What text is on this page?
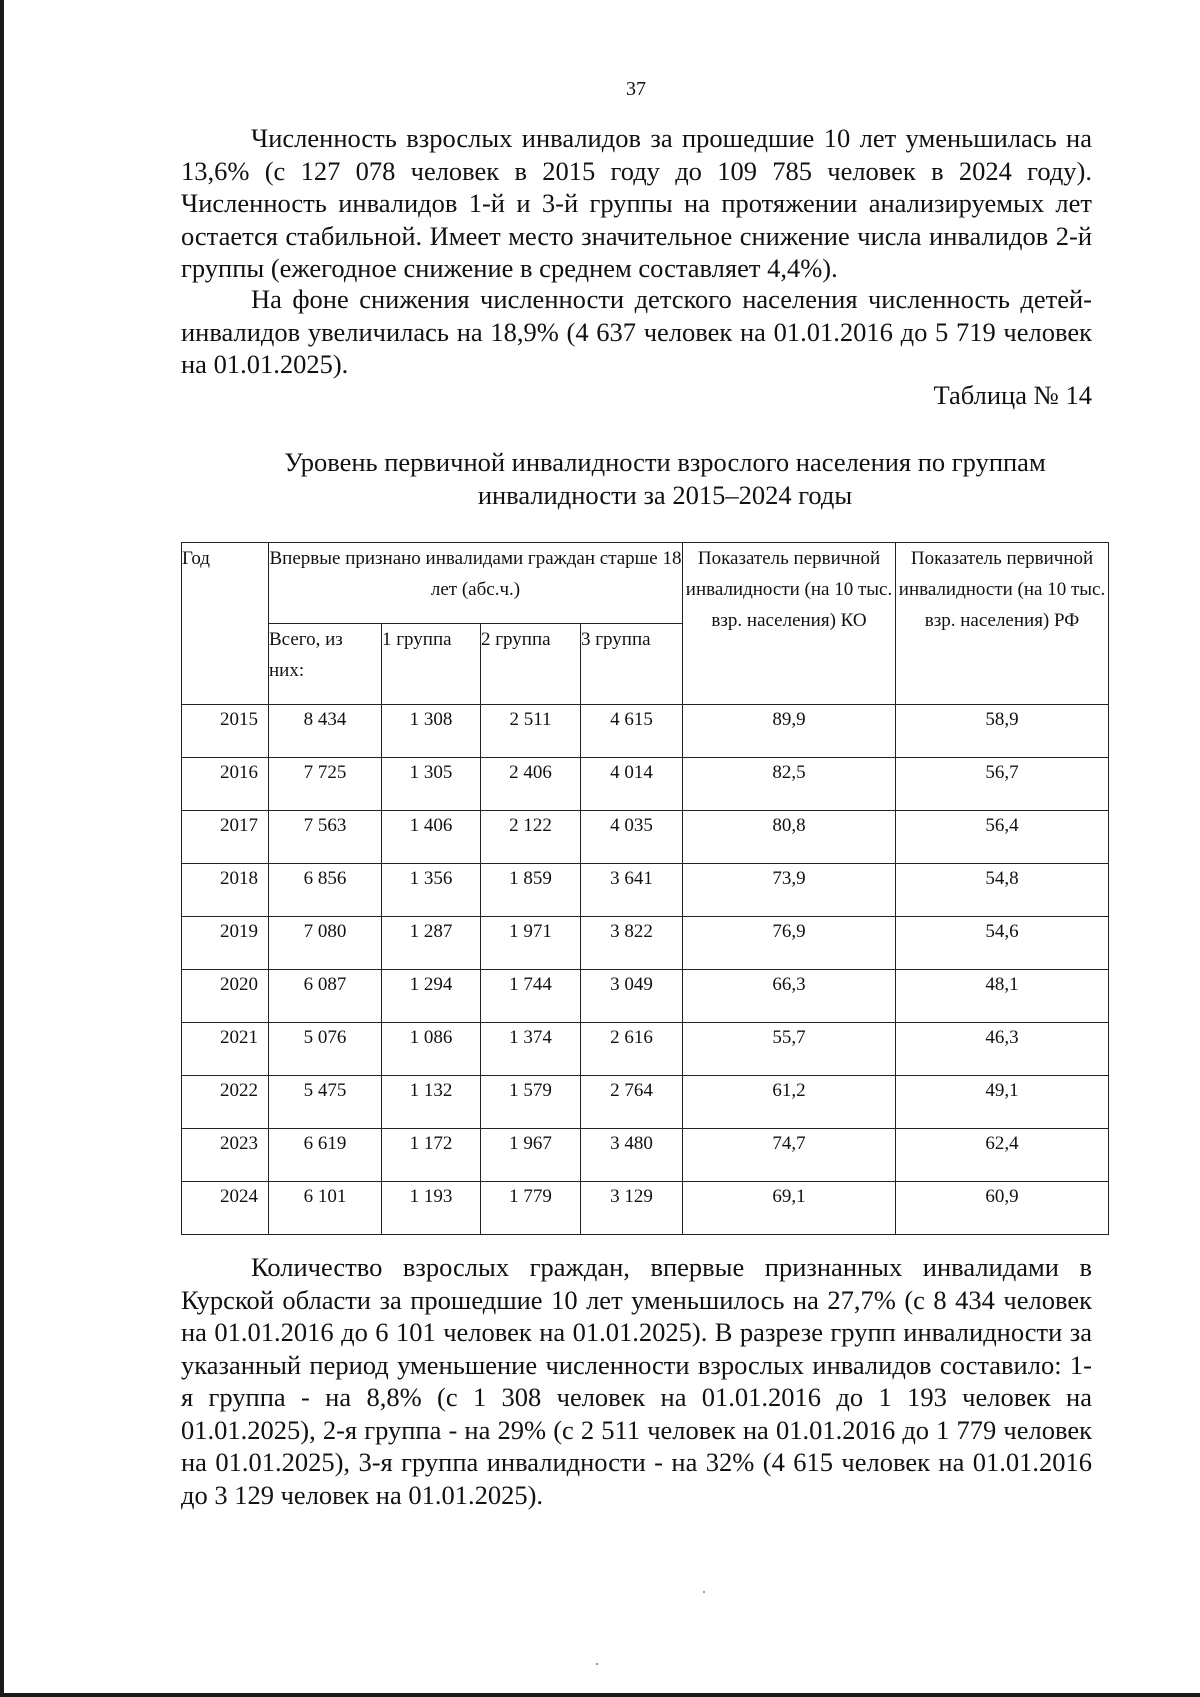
37

Численность взрослых инвалидов за прошедшие 10 лет уменьшилась на 13,6% (с 127 078 человек в 2015 году до 109 785 человек в 2024 году). Численность инвалидов 1-й и 3-й группы на протяжении анализируемых лет остается стабильной. Имеет место значительное снижение числа инвалидов 2-й группы (ежегодное снижение в среднем составляет 4,4%).

На фоне снижения численности детского населения численность детей-инвалидов увеличилась на 18,9% (4 637 человек на 01.01.2016 до 5 719 человек на 01.01.2025).

Таблица № 14
Уровень первичной инвалидности взрослого населения по группам инвалидности за 2015–2024 годы
Год	Впервые признано инвалидами граждан старше 18 лет (абс.ч.)				Показатель первичной инвалидности (на 10 тыс. взр. населения) КО	Показатель первичной инвалидности (на 10 тыс. взр. населения) РФ
	Всего, из них:	1 группа	2 группа	3 группа		
2015	8 434	1 308	2 511	4 615	89,9	58,9
2016	7 725	1 305	2 406	4 014	82,5	56,7
2017	7 563	1 406	2 122	4 035	80,8	56,4
2018	6 856	1 356	1 859	3 641	73,9	54,8
2019	7 080	1 287	1 971	3 822	76,9	54,6
2020	6 087	1 294	1 744	3 049	66,3	48,1
2021	5 076	1 086	1 374	2 616	55,7	46,3
2022	5 475	1 132	1 579	2 764	61,2	49,1
2023	6 619	1 172	1 967	3 480	74,7	62,4
2024	6 101	1 193	1 779	3 129	69,1	60,9

Количество взрослых граждан, впервые признанных инвалидами в Курской области за прошедшие 10 лет уменьшилось на 27,7% (с 8 434 человек на 01.01.2016 до 6 101 человек на 01.01.2025). В разрезе групп инвалидности за указанный период уменьшение численности взрослых инвалидов составило: 1-я группа - на 8,8% (с 1 308 человек на 01.01.2016 до 1 193 человек на 01.01.2025), 2-я группа - на 29% (с 2 511 человек на 01.01.2016 до 1 779 человек на 01.01.2025), 3-я группа инвалидности - на 32% (4 615 человек на 01.01.2016 до 3 129 человек на 01.01.2025).
